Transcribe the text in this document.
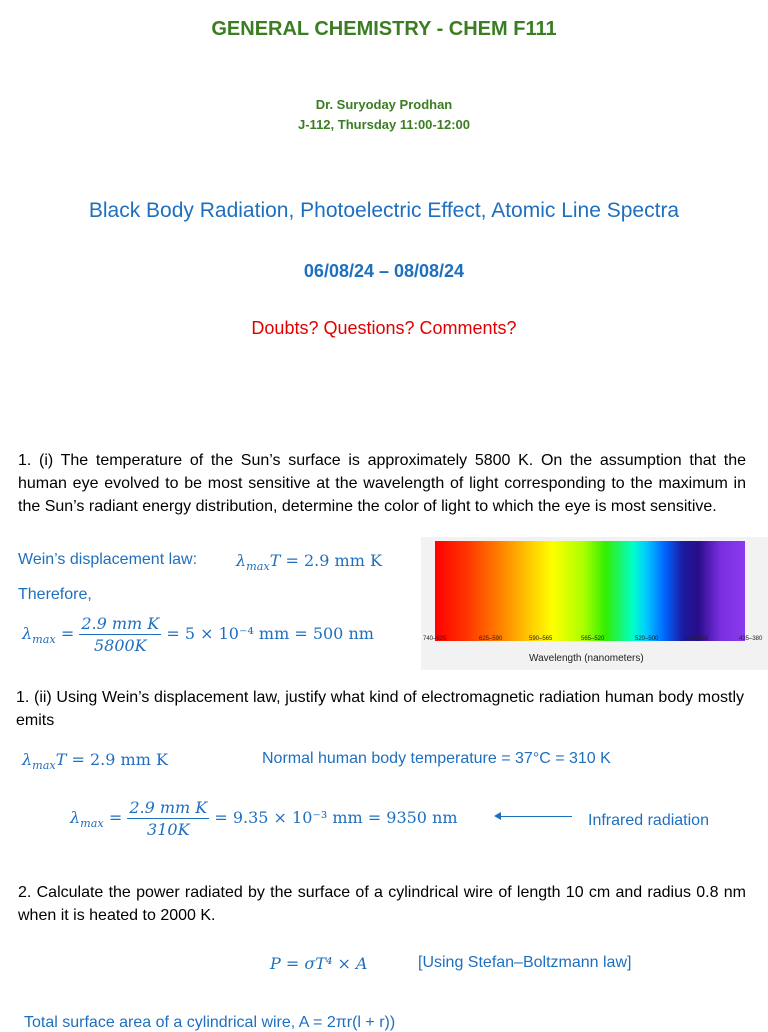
GENERAL CHEMISTRY - CHEM F111
Dr. Suryoday Prodhan
J-112, Thursday 11:00-12:00
Black Body Radiation, Photoelectric Effect, Atomic Line Spectra
06/08/24 – 08/08/24
Doubts? Questions? Comments?
1. (i) The temperature of the Sun’s surface is approximately 5800 K. On the assumption that the human eye evolved to be most sensitive at the wavelength of light corresponding to the maximum in the Sun’s radiant energy distribution, determine the color of light to which the eye is most sensitive.
Wein’s displacement law: $\lambda_{max}T = 2.9$ mm K
Therefore,
$\lambda_{max} = \frac{\text{2.9 mm K}}{5800K} = 5 \times 10^{-4}$ mm = 500 nm	740–625	625–590	590–565	565–520	520–500	500–435	435–380
Wavelength (nanometers)
1. (ii) Using Wein’s displacement law, justify what kind of electromagnetic radiation human body mostly emits
$\lambda_{max}T = 2.9$ mm K	Normal human body temperature = 37°C = 310 K
$\lambda_{max} = \frac{\text{2.9 mm K}}{310K} = 9.35 \times 10^{-3}$ mm = 9350 nm	Infrared radiation
2. Calculate the power radiated by the surface of a cylindrical wire of length 10 cm and radius 0.8 nm when it is heated to 2000 K.
P = σT⁴ × A	[Using Stefan–Boltzmann law]
Total surface area of a cylindrical wire, A = 2πr(l + r))
